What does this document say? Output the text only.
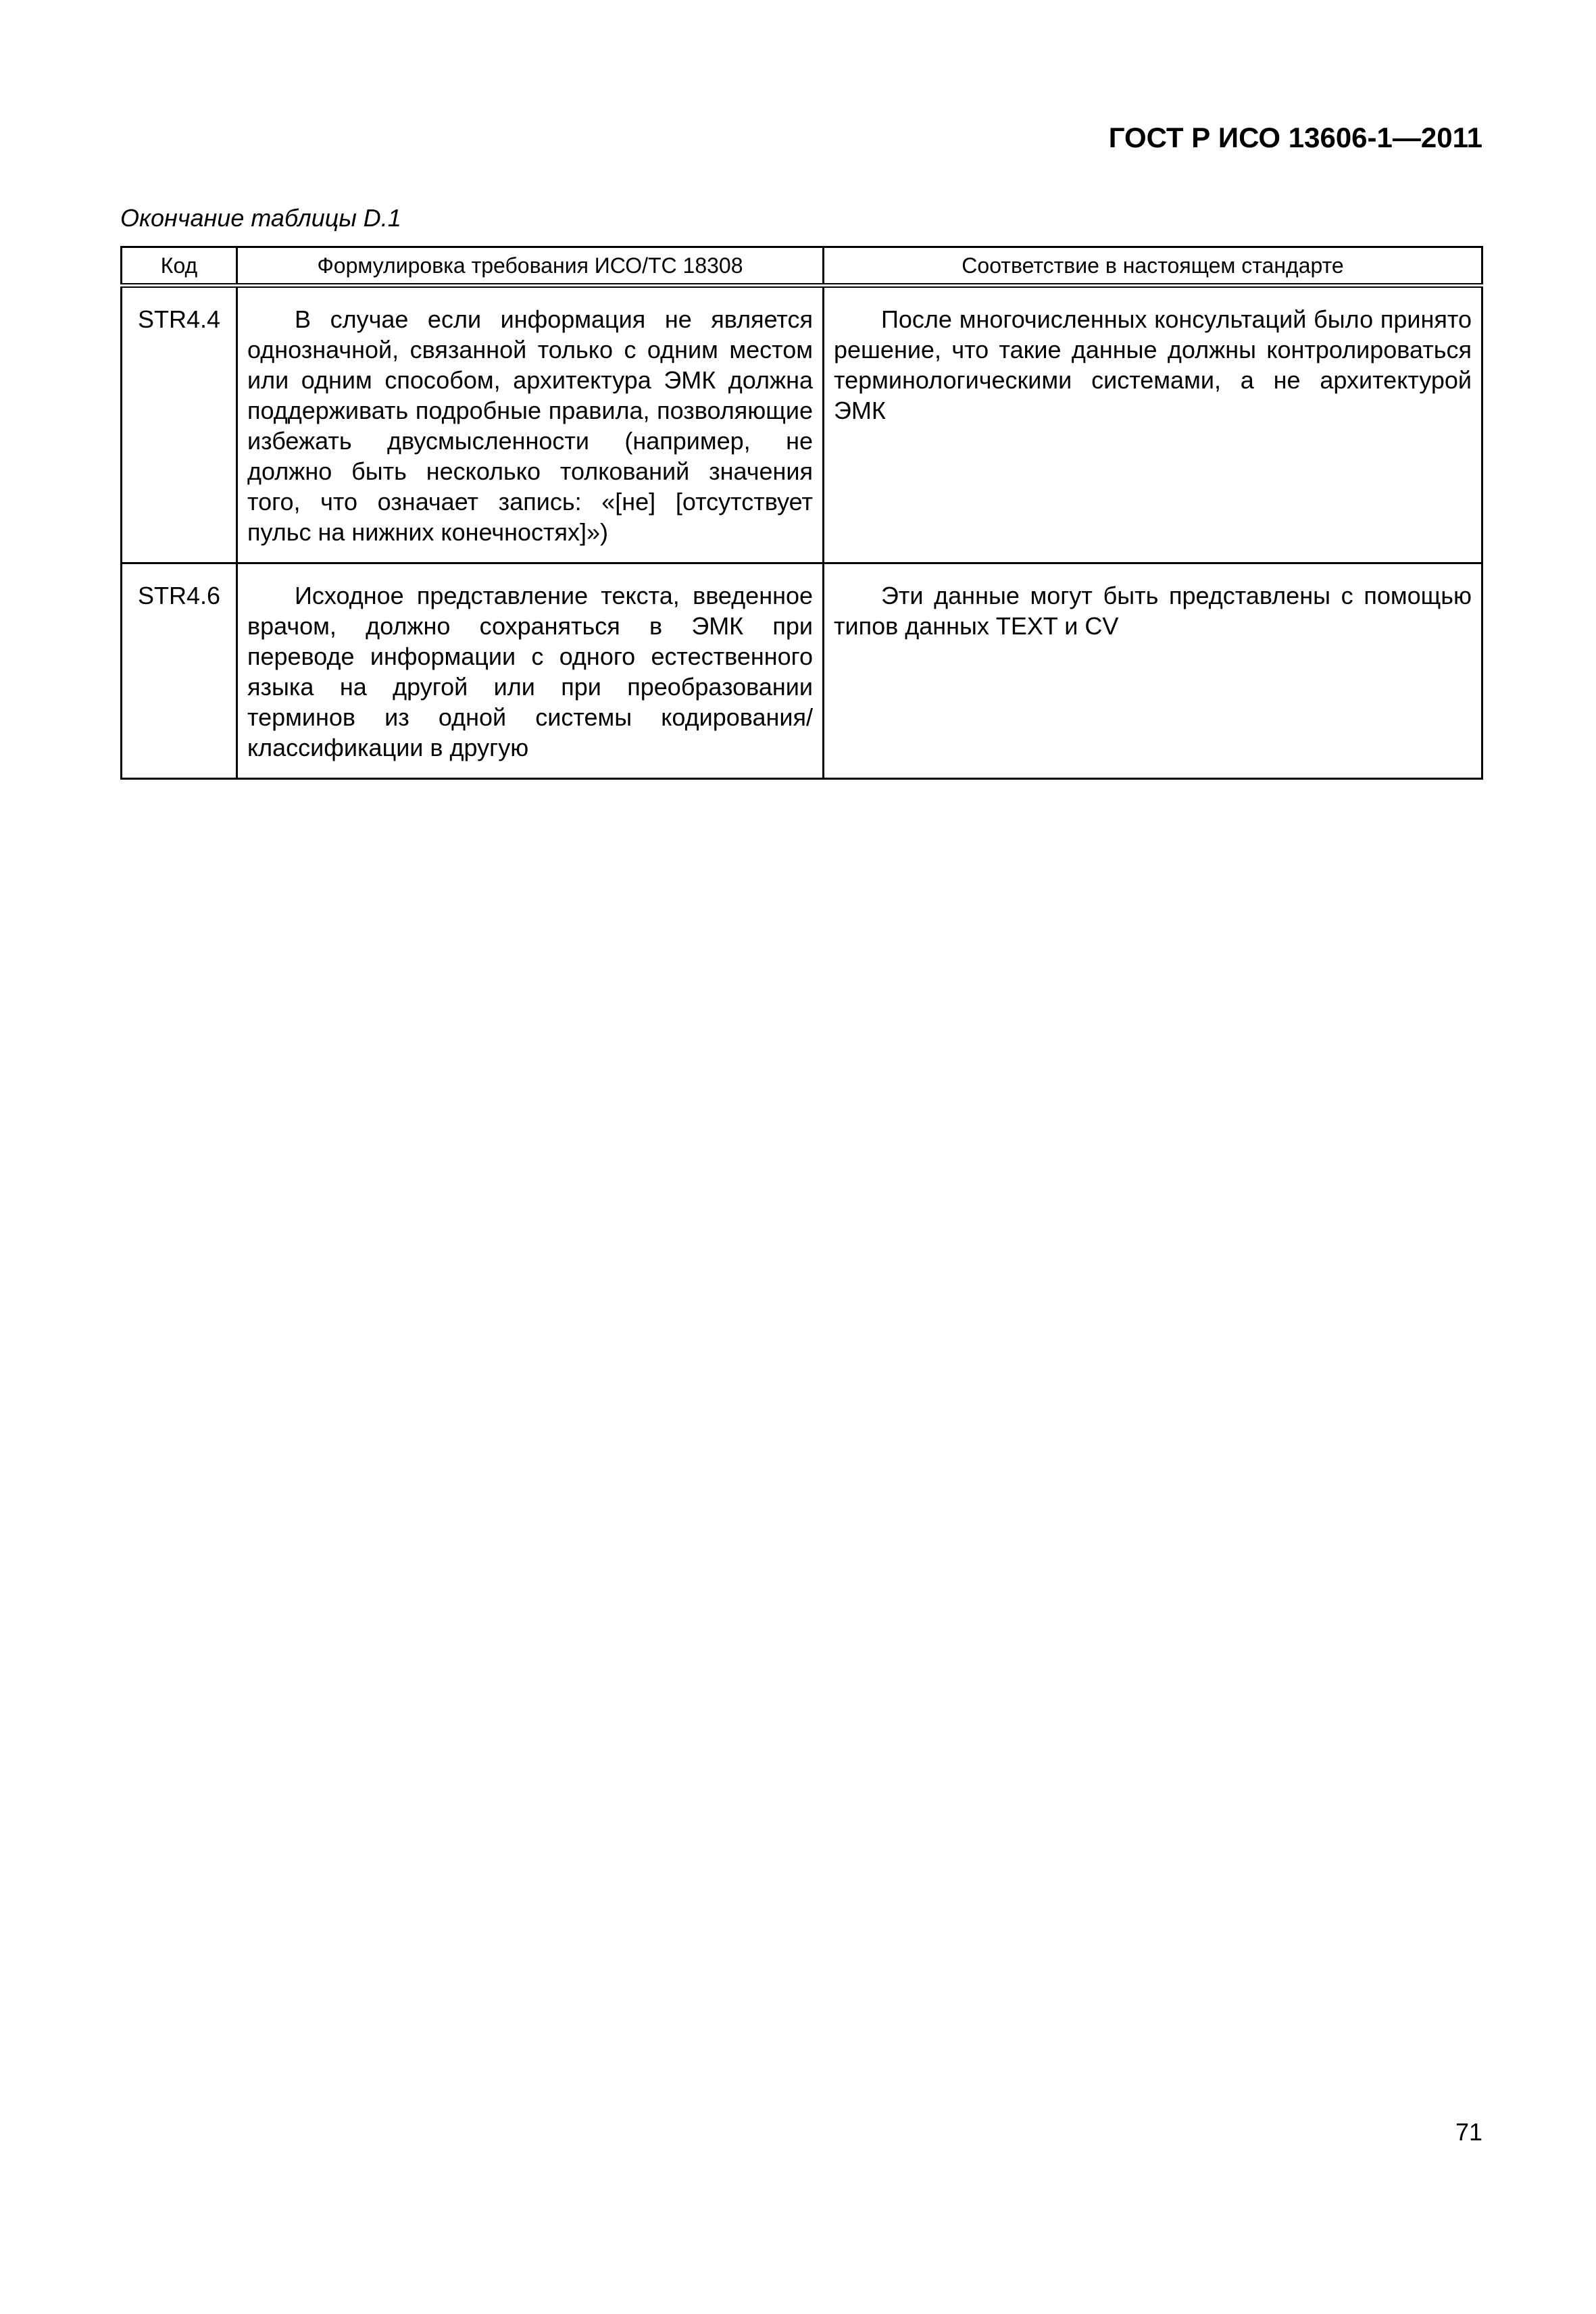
ГОСТ Р ИСО 13606-1—2011
Окончание таблицы D.1
Код	Формулировка требования ИСО/ТС 18308	Соответствие в настоящем стандарте
STR4.4	В случае если информация не является однозначной, связанной только с одним местом или одним способом, архитектура ЭМК должна поддерживать подробные правила, позволяющие избежать двусмысленности (например, не должно быть несколько толкований значения того, что означает запись: «[не] [отсутствует пульс на нижних конечностях]»)	После многочисленных консультаций было принято решение, что такие данные должны контролироваться терминологическими системами, а не архитектурой ЭМК
STR4.6	Исходное представление текста, введенное врачом, должно сохраняться в ЭМК при переводе информации с одного естественного языка на другой или при преобразовании терминов из одной системы кодирования/классификации в другую	Эти данные могут быть представлены с помощью типов данных TEXT и CV
71
